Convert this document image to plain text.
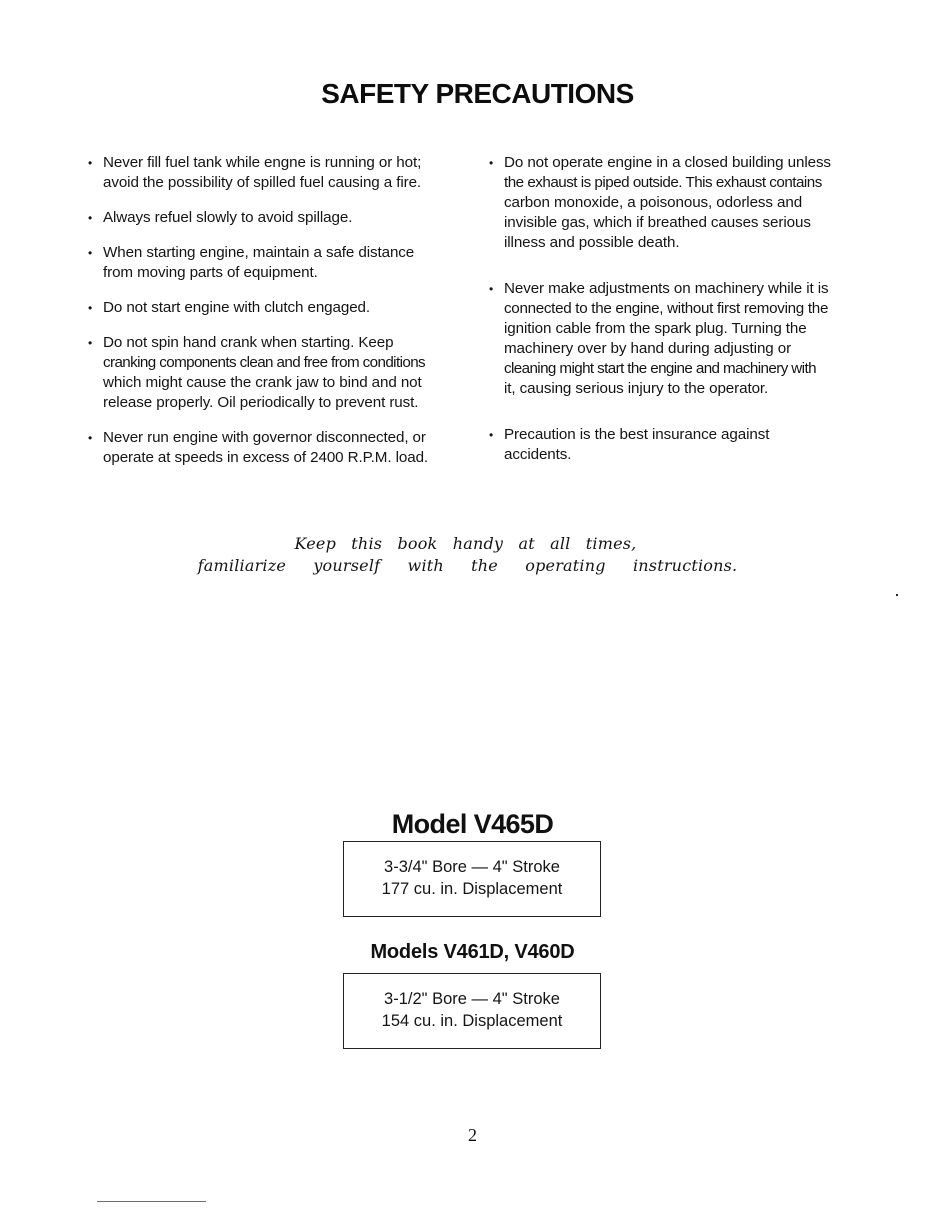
SAFETY PRECAUTIONS
• Never fill fuel tank while engne is running or hot;
avoid the possibility of spilled fuel causing a fire.
• Always refuel slowly to avoid spillage.
• When starting engine, maintain a safe distance
from moving parts of equipment.
• Do not start engine with clutch engaged.
• Do not spin hand crank when starting. Keep
cranking components clean and free from conditions
which might cause the crank jaw to bind and not
release properly. Oil periodically to prevent rust.
• Never run engine with governor disconnected, or
operate at speeds in excess of 2400 R.P.M. load.
• Do not operate engine in a closed building unless
the exhaust is piped outside. This exhaust contains
carbon monoxide, a poisonous, odorless and
invisible gas, which if breathed causes serious
illness and possible death.
• Never make adjustments on machinery while it is
connected to the engine, without first removing the
ignition cable from the spark plug. Turning the
machinery over by hand during adjusting or
cleaning might start the engine and machinery with
it, causing serious injury to the operator.
• Precaution is the best insurance against
accidents.
Keep this book handy at all times,
familiarize yourself with the operating instructions.
Model V465D
3-3/4" Bore — 4" Stroke
177 cu. in. Displacement
Models V461D, V460D
3-1/2" Bore — 4" Stroke
154 cu. in. Displacement
2
